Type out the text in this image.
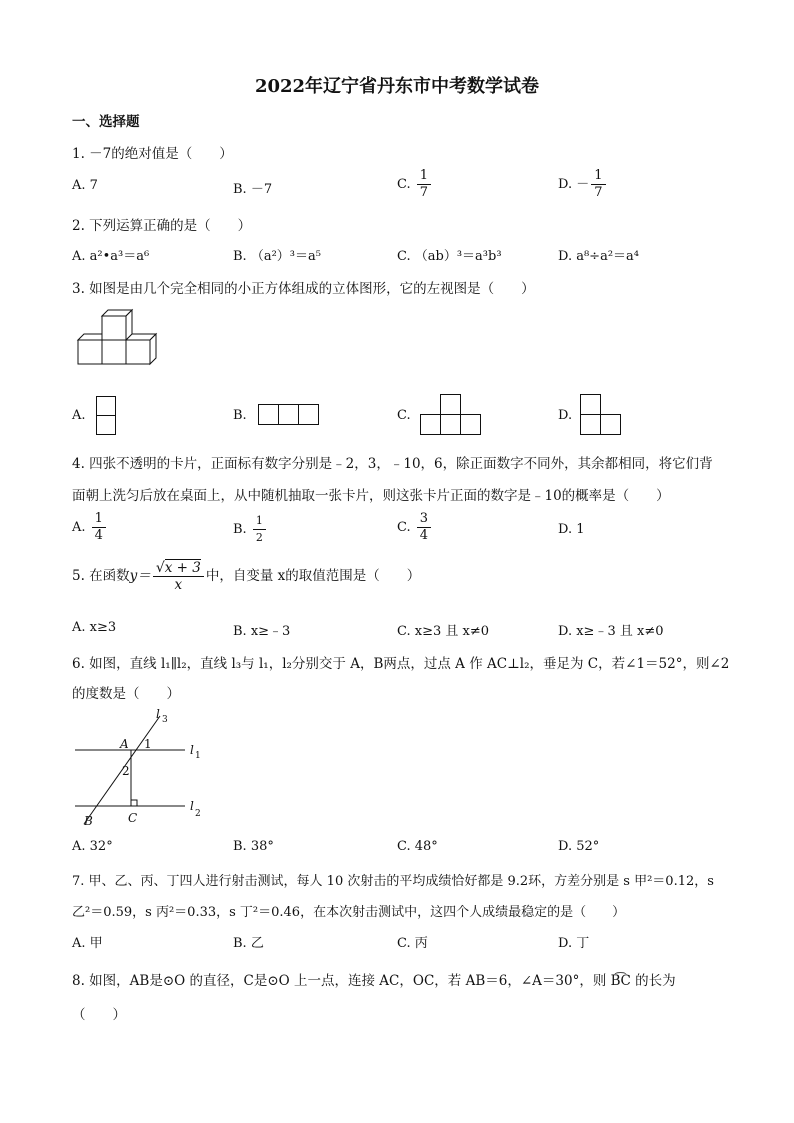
2022年辽宁省丹东市中考数学试卷
一、选择题
1. －7的绝对值是（　　）
A. 7	B. －7	C. $\frac{1}{7}$	D. － $\frac{1}{7}$
2. 下列运算正确的是（　　）
A. a²•a³＝a⁶	B. （a²）³＝a⁵	C. （ab）³＝a³b³	D. a⁸÷a²＝a⁴
3. 如图是由几个完全相同的小正方体组成的立体图形，它的左视图是（　　）
A.	B.	C.	D.
4. 四张不透明的卡片，正面标有数字分别是﹣2，3，﹣10，6，除正面数字不同外，其余都相同，将它们背
面朝上洗匀后放在桌面上，从中随机抽取一张卡片，则这张卡片正面的数字是﹣10的概率是（　　）
A. $\frac{1}{4}$	B. $\frac{1}{2}$	C. $\frac{3}{4}$	D. 1
5. 在函数$y= \frac{√x + 3}{x}$ 中，自变量 x的取值范围是（　　）
A. x≥3	B. x≥﹣3	C. x≥3 且 x≠0	D. x≥﹣3 且 x≠0
6. 如图，直线 l₁∥l₂，直线 l₃与 l₁，l₂分别交于 A，B两点，过点 A 作 AC⊥l₂，垂足为 C，若∠1＝52°，则∠2
的度数是（　　）
l 3
l 1
l
2
A
B	C
1
2
A. 32°	B. 38°	C. 48°	D. 52°
7. 甲、乙、丙、丁四人进行射击测试，每人 10 次射击的平均成绩恰好都是 9.2环，方差分别是 s 甲²＝0.12，s
乙²＝0.59，s 丙²＝0.33，s 丁²＝0.46，在本次射击测试中，这四个人成绩最稳定的是（　　）
A. 甲	B. 乙	C. 丙	D. 丁
8. 如图，AB是⊙O 的直径，C是⊙O 上一点，连接 AC，OC，若 AB＝6，∠A＝30°，则 B͡C 的长为
（　　）
